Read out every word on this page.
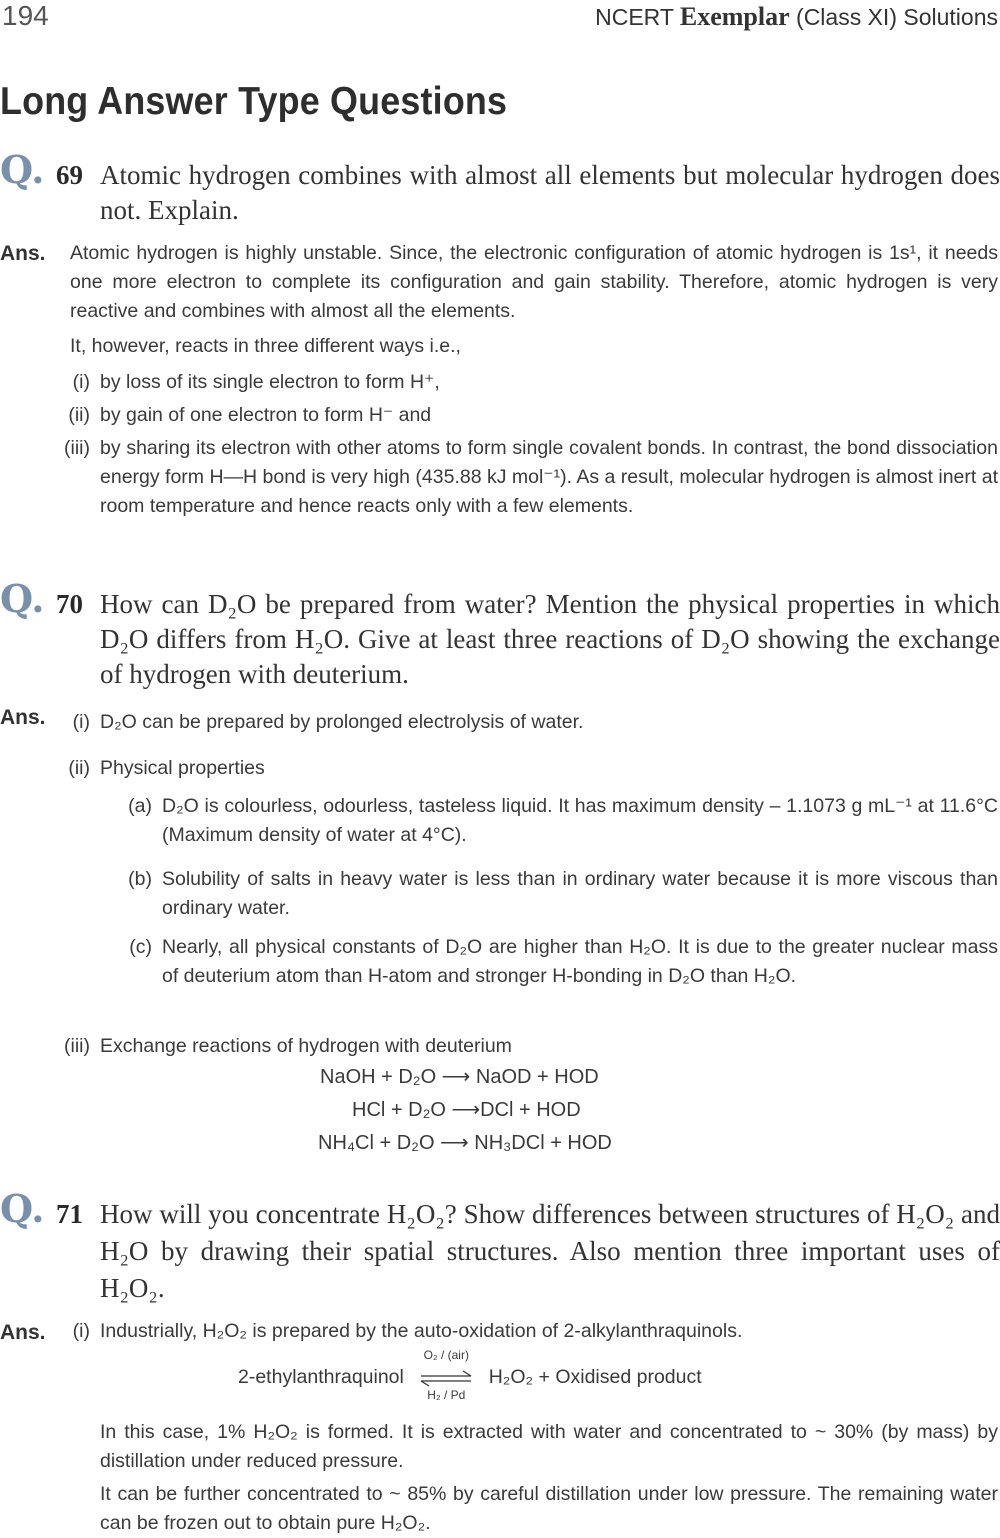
194	NCERT Exemplar (Class XI) Solutions
Long Answer Type Questions
Q. 69 Atomic hydrogen combines with almost all elements but molecular hydrogen does not. Explain.
Ans. Atomic hydrogen is highly unstable. Since, the electronic configuration of atomic hydrogen is 1s¹, it needs one more electron to complete its configuration and gain stability. Therefore, atomic hydrogen is very reactive and combines with almost all the elements.
It, however, reacts in three different ways i.e.,
(i) by loss of its single electron to form H⁺,
(ii) by gain of one electron to form H⁻ and
(iii) by sharing its electron with other atoms to form single covalent bonds. In contrast, the bond dissociation energy form H—H bond is very high (435.88 kJ mol⁻¹). As a result, molecular hydrogen is almost inert at room temperature and hence reacts only with a few elements.
Q. 70 How can D₂O be prepared from water? Mention the physical properties in which D₂O differs from H₂O. Give at least three reactions of D₂O showing the exchange of hydrogen with deuterium.
Ans.	(i) D₂O can be prepared by prolonged electrolysis of water.
(ii) Physical properties
(a) D₂O is colourless, odourless, tasteless liquid. It has maximum density – 1.1073 g mL⁻¹ at 11.6°C (Maximum density of water at 4°C).
(b) Solubility of salts in heavy water is less than in ordinary water because it is more viscous than ordinary water.
(c) Nearly, all physical constants of D₂O are higher than H₂O. It is due to the greater nuclear mass of deuterium atom than H-atom and stronger H-bonding in D₂O than H₂O.
(iii) Exchange reactions of hydrogen with deuterium
NaOH + D₂O ⟶ NaOD + HOD
HCl + D₂O ⟶DCl + HOD
NH₄Cl + D₂O ⟶ NH₃DCl + HOD
Q. 71 How will you concentrate H₂O₂? Show differences between structures of H₂O₂ and H₂O by drawing their spatial structures. Also mention three important uses of H₂O₂.
Ans.	(i) Industrially, H₂O₂ is prepared by the auto-oxidation of 2-alkylanthraquinols.
2-ethylanthraquinol
O₂ / (air)
H₂ / Pd
H₂O₂ + Oxidised product
In this case, 1% H₂O₂ is formed. It is extracted with water and concentrated to ~ 30% (by mass) by distillation under reduced pressure.
It can be further concentrated to ~ 85% by careful distillation under low pressure. The remaining water can be frozen out to obtain pure H₂O₂.
